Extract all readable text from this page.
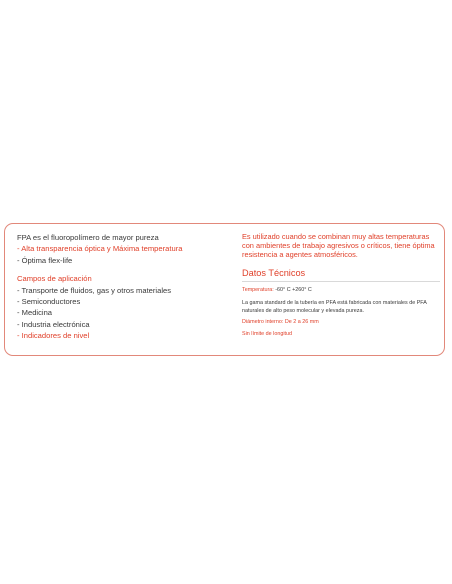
FPA es el fluoropolímero de mayor pureza
- Alta transparencia óptica y Máxima temperatura
- Óptima flex-life
Campos de aplicación
- Transporte de fluidos, gas y otros materiales
- Semiconductores
- Medicina
- Industria electrónica
- Indicadores de nivel
Es utilizado cuando se combinan muy altas temperaturas con ambientes de trabajo agresivos o críticos, tiene óptima resistencia a agentes atmosféricos.
Datos Técnicos
Temperatura: -60° C +260° C
La gama standard de la tubería en PFA está fabricada con materiales de PFA naturales de alto peso molecular y elevada pureza.
Diámetro interno: De 2 a 26 mm
Sin límite de longitud
